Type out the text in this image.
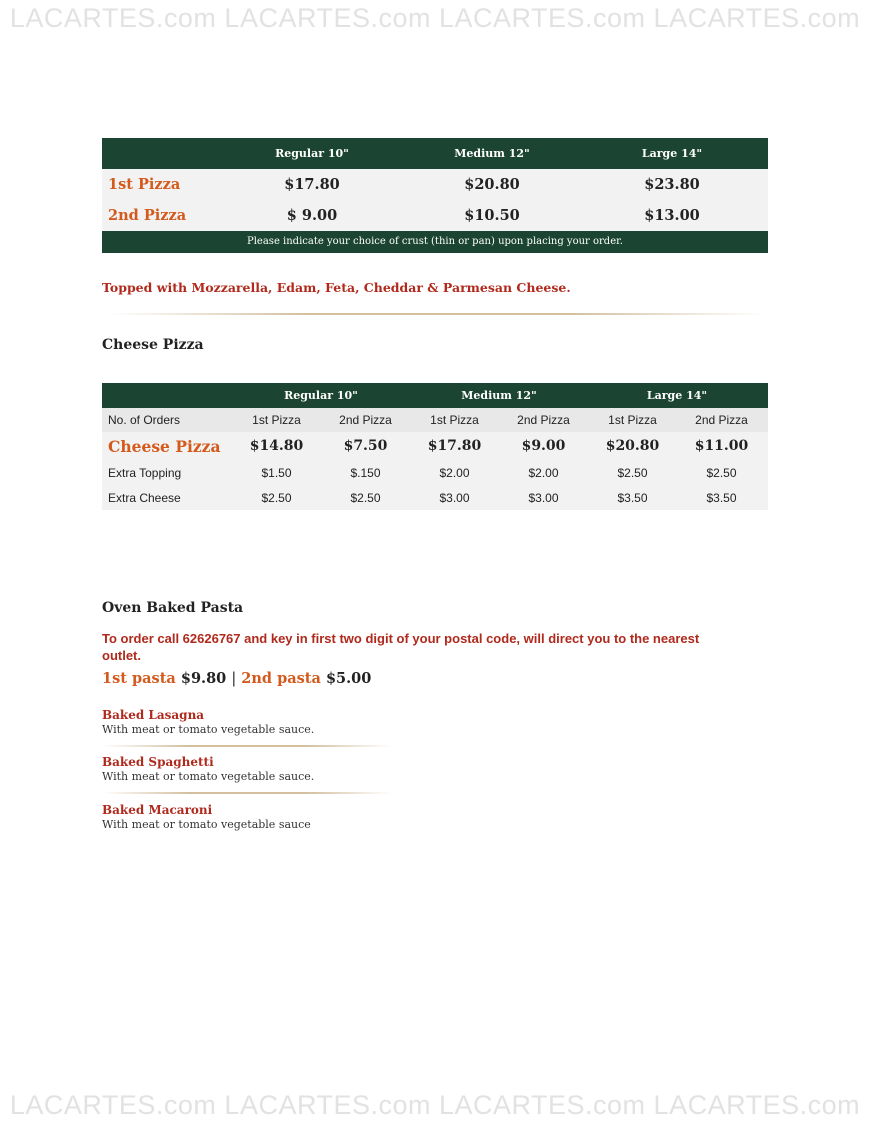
LACARTES.com LACARTES.com LACARTES.com LACARTES.com
Regular 10"	Medium 12"	Large 14"
1st Pizza	$17.80	$20.80	$23.80
2nd Pizza	$ 9.00	$10.50	$13.00
Please indicate your choice of crust (thin or pan) upon placing your order.
Topped with Mozzarella, Edam, Feta, Cheddar & Parmesan Cheese.
Cheese Pizza
Regular 10"	Medium 12"	Large 14"
No. of Orders	1st Pizza	2nd Pizza	1st Pizza	2nd Pizza	1st Pizza	2nd Pizza
Cheese Pizza	$14.80	$7.50	$17.80	$9.00	$20.80	$11.00
Extra Topping	$1.50	$.150	$2.00	$2.00	$2.50	$2.50
Extra Cheese	$2.50	$2.50	$3.00	$3.00	$3.50	$3.50
Oven Baked Pasta
To order call 62626767 and key in first two digit of your postal code, will direct you to the nearest outlet.
1st pasta $9.80 | 2nd pasta $5.00
Baked Lasagna
With meat or tomato vegetable sauce.
Baked Spaghetti
With meat or tomato vegetable sauce.
Baked Macaroni
With meat or tomato vegetable sauce
LACARTES.com LACARTES.com LACARTES.com LACARTES.com
